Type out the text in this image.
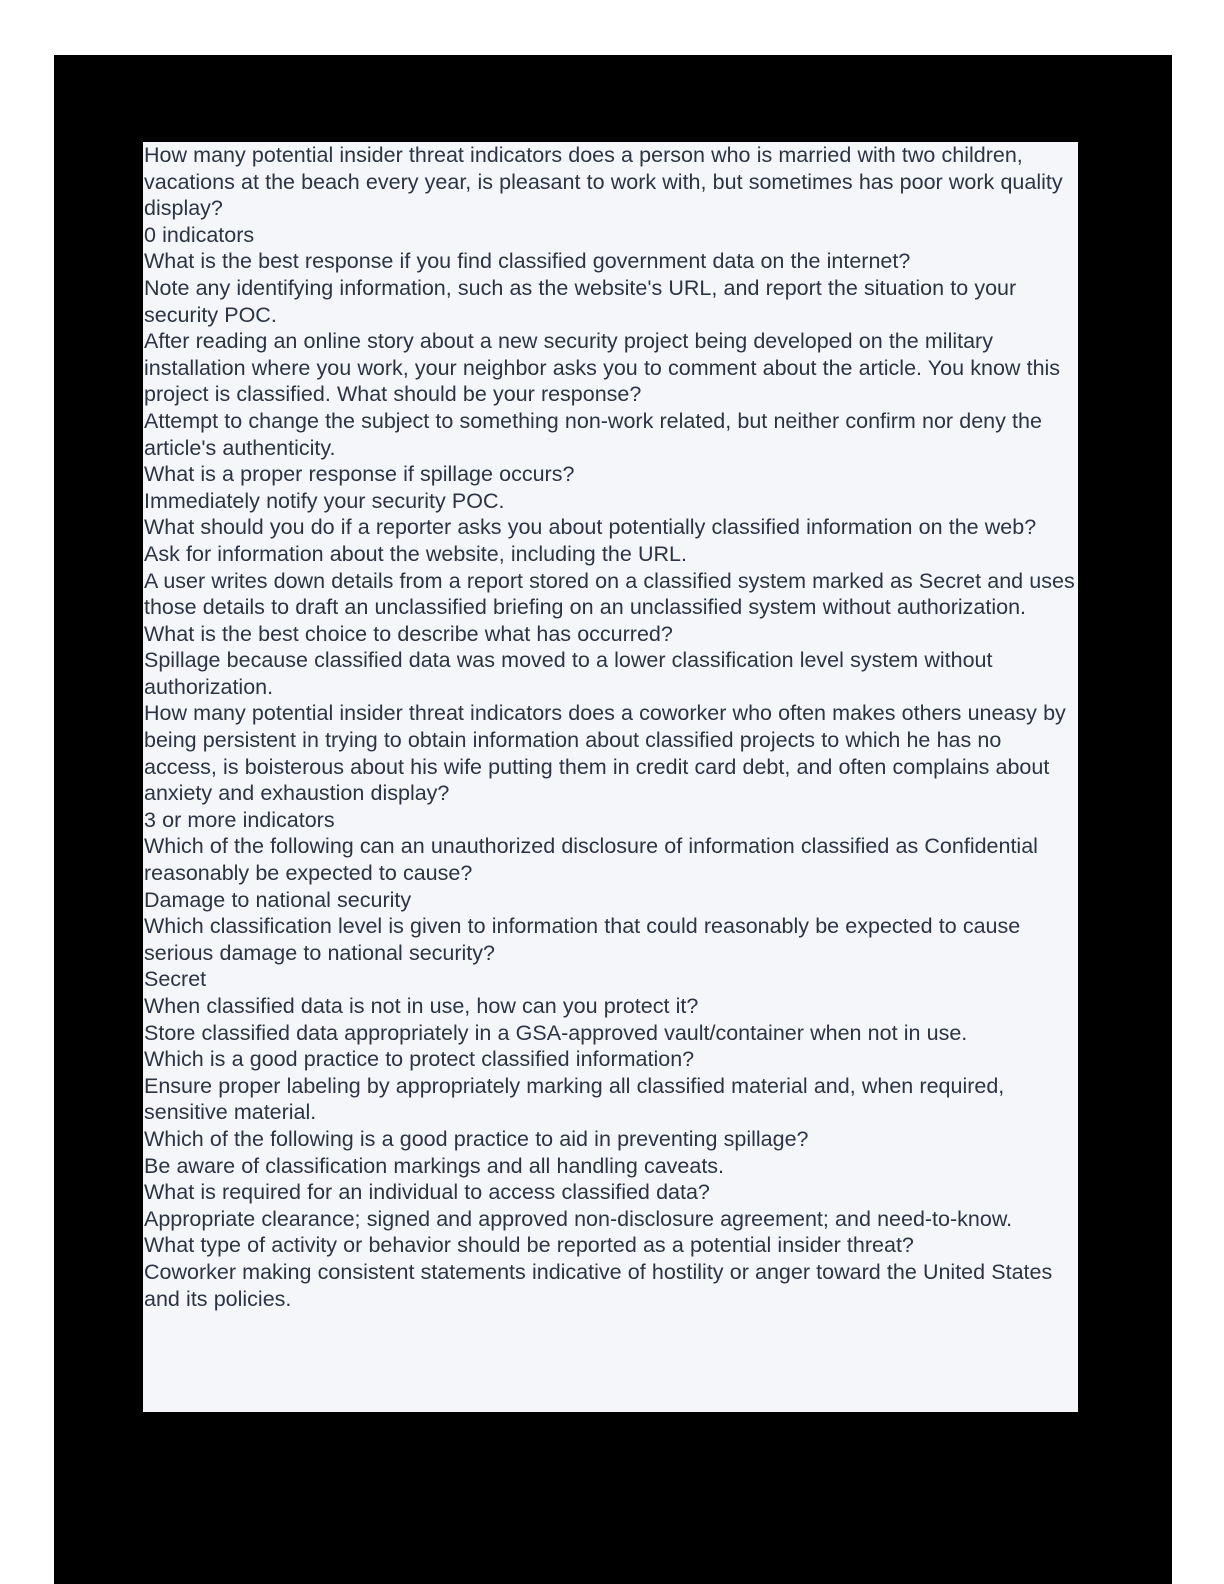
How many potential insider threat indicators does a person who is married with two children, vacations at the beach every year, is pleasant to work with, but sometimes has poor work quality display?
0 indicators
What is the best response if you find classified government data on the internet?
Note any identifying information, such as the website's URL, and report the situation to your security POC.
After reading an online story about a new security project being developed on the military installation where you work, your neighbor asks you to comment about the article. You know this project is classified. What should be your response?
Attempt to change the subject to something non-work related, but neither confirm nor deny the article's authenticity.
What is a proper response if spillage occurs?
Immediately notify your security POC.
What should you do if a reporter asks you about potentially classified information on the web?
Ask for information about the website, including the URL.
A user writes down details from a report stored on a classified system marked as Secret and uses those details to draft an unclassified briefing on an unclassified system without authorization. What is the best choice to describe what has occurred?
Spillage because classified data was moved to a lower classification level system without authorization.
How many potential insider threat indicators does a coworker who often makes others uneasy by being persistent in trying to obtain information about classified projects to which he has no access, is boisterous about his wife putting them in credit card debt, and often complains about anxiety and exhaustion display?
3 or more indicators
Which of the following can an unauthorized disclosure of information classified as Confidential reasonably be expected to cause?
Damage to national security
Which classification level is given to information that could reasonably be expected to cause serious damage to national security?
Secret
When classified data is not in use, how can you protect it?
Store classified data appropriately in a GSA-approved vault/container when not in use.
Which is a good practice to protect classified information?
Ensure proper labeling by appropriately marking all classified material and, when required, sensitive material.
Which of the following is a good practice to aid in preventing spillage?
Be aware of classification markings and all handling caveats.
What is required for an individual to access classified data?
Appropriate clearance; signed and approved non-disclosure agreement; and need-to-know.
What type of activity or behavior should be reported as a potential insider threat?
Coworker making consistent statements indicative of hostility or anger toward the United States and its policies.
